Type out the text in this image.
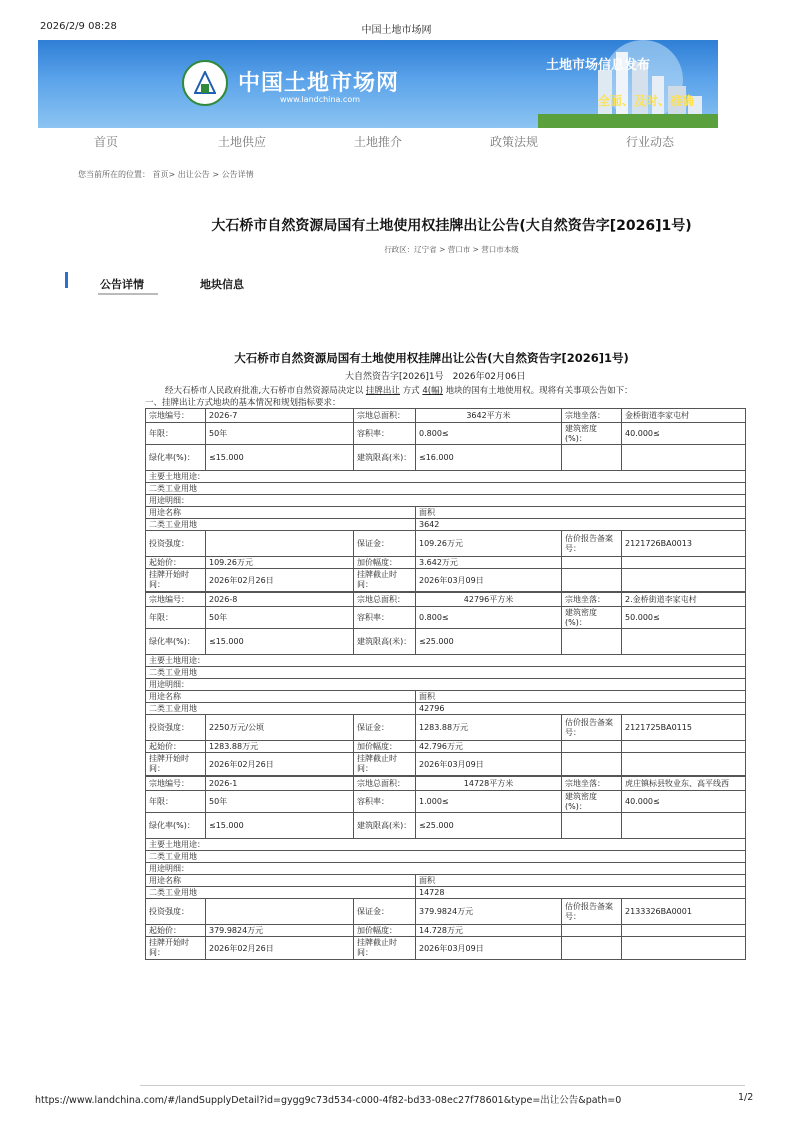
2026/2/9 08:28	中国土地市场网
中国土地市场网
www.landchina.com
土地市场信息发布
全面、及时、准确
首页	土地供应	土地推介	政策法规	行业动态
您当前所在的位置： 首页> 出让公告 > 公告详情
大石桥市自然资源局国有土地使用权挂牌出让公告(大自然资告字[2026]1号)
行政区：辽宁省 > 营口市 > 营口市本级
公告详情	地块信息
大石桥市自然资源局国有土地使用权挂牌出让公告(大自然资告字[2026]1号)
大自然资告字[2026]1号　 2026年02月06日
经大石桥市人民政府批准,大石桥市自然资源局决定以 挂牌出让 方式 4(幅) 地块的国有土地使用权。现将有关事项公告如下：
一、挂牌出让方式地块的基本情况和规划指标要求：
宗地编号：	2026-7	宗地总面积：	3642平方米	宗地坐落：	金桥街道李家屯村
年限：	50年	容积率：	0.800≤	建筑密度(%)：	40.000≤
绿化率(%)：	≤15.000	建筑限高(米)：	≤16.000		
主要土地用途：					
二类工业用地					
用途明细：					
用途名称			面积		
二类工业用地			3642		
投资强度：		保证金：	109.26万元	估价报告备案号：	2121726BA0013
起始价：	109.26万元	加价幅度：	3.642万元		
挂牌开始时间：	2026年02月26日	挂牌截止时间：	2026年03月09日		
宗地编号：	2026-8	宗地总面积：	42796平方米	宗地坐落：	2.金桥街道李家屯村
年限：	50年	容积率：	0.800≤	建筑密度(%)：	50.000≤
绿化率(%)：	≤15.000	建筑限高(米)：	≤25.000		
主要土地用途：					
二类工业用地					
用途明细：					
用途名称			面积		
二类工业用地			42796		
投资强度：	2250万元/公顷	保证金：	1283.88万元	估价报告备案号：	2121725BA0115
起始价：	1283.88万元	加价幅度：	42.796万元		
挂牌开始时间：	2026年02月26日	挂牌截止时间：	2026年03月09日		
宗地编号：	2026-1	宗地总面积：	14728平方米	宗地坐落：	虎庄镇标县牧业东、高平线西
年限：	50年	容积率：	1.000≤	建筑密度(%)：	40.000≤
绿化率(%)：	≤15.000	建筑限高(米)：	≤25.000		
主要土地用途：					
二类工业用地					
用途明细：					
用途名称			面积		
二类工业用地			14728		
投资强度：		保证金：	379.9824万元	估价报告备案号：	2133326BA0001
起始价：	379.9824万元	加价幅度：	14.728万元		
挂牌开始时间：	2026年02月26日	挂牌截止时间：	2026年03月09日		
https://www.landchina.com/#/landSupplyDetail?id=gygg9c73d534-c000-4f82-bd33-08ec27f78601&type=出让公告&path=0	1/2
